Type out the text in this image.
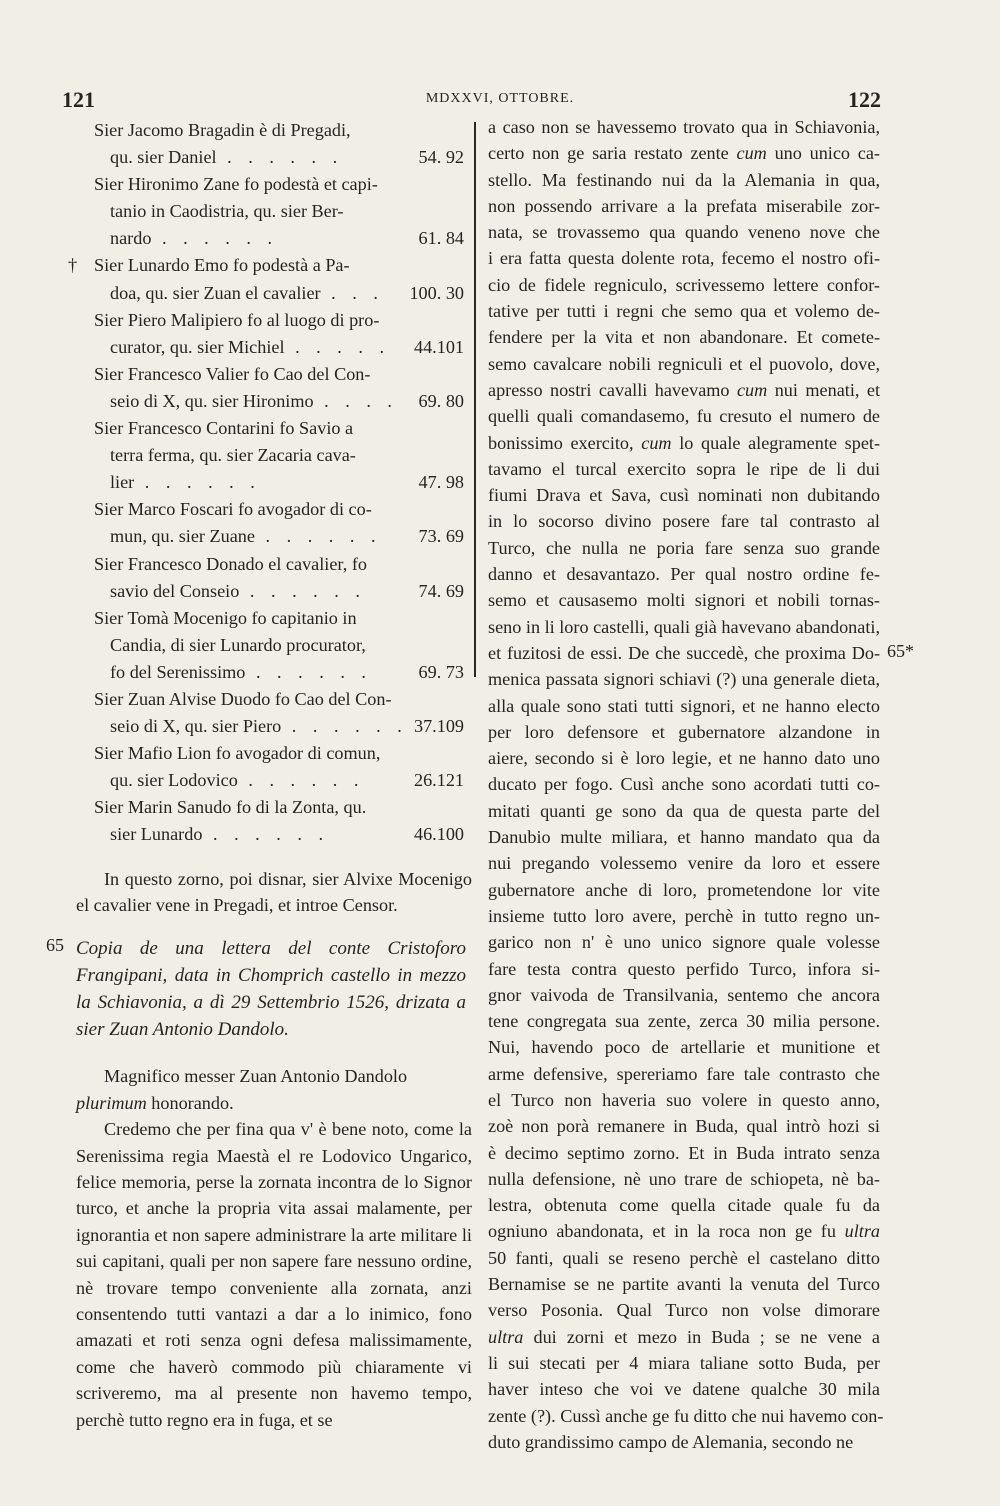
121	MDXXVI, OTTOBRE.	122
Sier Jacomo Bragadin è di Pregadi,
qu. sier Daniel . . . . . .	54. 92
Sier Hironimo Zane fo podestà et capi-
tanio in Caodistria, qu. sier Ber-
nardo . . . . . .	61. 84
† Sier Lunardo Emo fo podestà a Pa-
doa, qu. sier Zuan el cavalier . . . 100. 30
Sier Piero Malipiero fo al luogo di pro-
curator, qu. sier Michiel . . . . . 44.101
Sier Francesco Valier fo Cao del Con-
seio di X, qu. sier Hironimo . . . . 69. 80
Sier Francesco Contarini fo Savio a
terra ferma, qu. sier Zacaria cava-
lier . . . . . .	47. 98
Sier Marco Foscari fo avogador di co-
mun, qu. sier Zuane . . . . . . 73. 69
Sier Francesco Donado el cavalier, fo
savio del Conseio . . . . . .	74. 69
Sier Tomà Mocenigo fo capitanio in
Candia, di sier Lunardo procurator,
fo del Serenissimo . . . . . .	69. 73
Sier Zuan Alvise Duodo fo Cao del Con-
seio di X, qu. sier Piero . . . . . . 37.109
Sier Mafio Lion fo avogador di comun,
qu. sier Lodovico . . . . . .	26.121
Sier Marin Sanudo fo di la Zonta, qu.
sier Lunardo . . . . . .	46.100
In questo zorno, poi disnar, sier Alvixe Mocenigo el cavalier vene in Pregadi, et introe Censor.
65 Copia de una lettera del conte Cristoforo Frangipani, data in Chomprich castello in mezzo la Schiavonia, a dì 29 Settembrio 1526, drizata a sier Zuan Antonio Dandolo.
Magnifico messer Zuan Antonio Dandolo
plurimum honorando.
Credemo che per fina qua v' è bene noto, come la Serenissima regia Maestà el re Lodovico Ungarico, felice memoria, perse la zornata incontra de lo Signor turco, et anche la propria vita assai malamente, per ignorantia et non sapere administrare la arte militare li sui capitani, quali per non sapere fare nessuno ordine, nè trovare tempo conveniente alla zornata, anzi consentendo tutti vantazi a dar a lo inimico, fono amazati et roti senza ogni defesa malissimamente, come che haverò commodo più chiaramente vi scriveremo, ma al presente non havemo tempo, perchè tutto regno era in fuga, et se
a caso non se havessemo trovato qua in Schiavonia,
certo non ge saria restato zente cum uno unico ca-
stello. Ma festinando nui da la Alemania in qua,
non possendo arrivare a la prefata miserabile zor-
nata, se trovassemo qua quando veneno nove che
i era fatta questa dolente rota, fecemo el nostro ofi-
cio de fidele regniculo, scrivessemo lettere confor-
tative per tutti i regni che semo qua et volemo de-
fendere per la vita et non abandonare. Et comete-
semo cavalcare nobili regniculi et el puovolo, dove,
apresso nostri cavalli havevamo cum nui menati, et
quelli quali comandasemo, fu cresuto el numero de
bonissimo exercito, cum lo quale alegramente spet-
tavamo el turcal exercito sopra le ripe de li dui
fiumi Drava et Sava, cusì nominati non dubitando
in lo socorso divino posere fare tal contrasto al
Turco, che nulla ne poria fare senza suo grande
danno et desavantazo. Per qual nostro ordine fe-
semo et causasemo molti signori et nobili tornas-
seno in li loro castelli, quali già havevano abandonati,
et fuzitosi de essi. De che succedè, che proxima Do-
menica passata signori schiavi (?) una generale dieta,
alla quale sono stati tutti signori, et ne hanno electo
per loro defensore et gubernatore alzandone in
aiere, secondo si è loro legie, et ne hanno dato uno
ducato per fogo. Cusì anche sono acordati tutti co-
mitati quanti ge sono da qua de questa parte del
Danubio multe miliara, et hanno mandato qua da
nui pregando volessemo venire da loro et essere
gubernatore anche di loro, prometendone lor vite
insieme tutto loro avere, perchè in tutto regno un-
garico non n' è uno unico signore quale volesse
fare testa contra questo perfido Turco, infora si-
gnor vaivoda de Transilvania, sentemo che ancora
tene congregata sua zente, zerca 30 milia persone.
Nui, havendo poco de artellarie et munitione et
arme defensive, spereriamo fare tale contrasto che
el Turco non haveria suo volere in questo anno,
zoè non porà remanere in Buda, qual intrò hozi si
è decimo septimo zorno. Et in Buda intrato senza
nulla defensione, nè uno trare de schiopeta, nè ba-
lestra, obtenuta come quella citade quale fu da
ogniuno abandonata, et in la roca non ge fu ultra
50 fanti, quali se reseno perchè el castelano ditto
Bernamise se ne partite avanti la venuta del Turco
verso Posonia. Qual Turco non volse dimorare
ultra dui zorni et mezo in Buda ; se ne vene a
li sui stecati per 4 miara taliane sotto Buda, per
haver inteso che voi ve datene qualche 30 mila
zente (?). Cussì anche ge fu ditto che nui havemo con-
duto grandissimo campo de Alemania, secondo ne
65*
